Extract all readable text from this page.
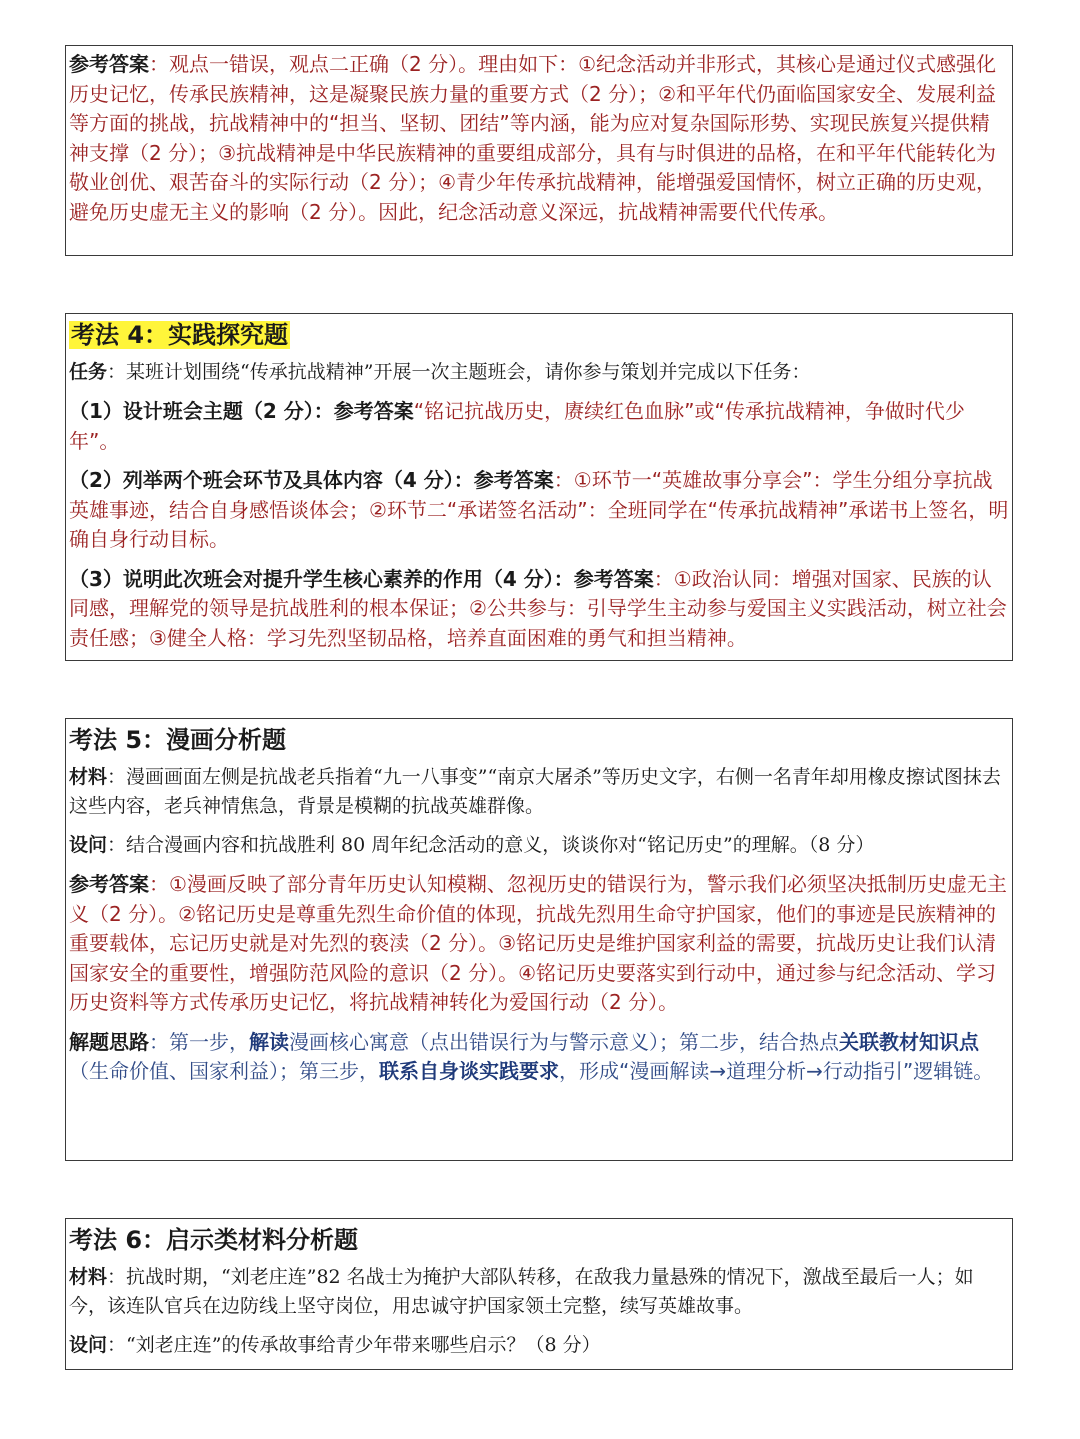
参考答案：观点一错误，观点二正确（2 分）。理由如下：①纪念活动并非形式，其核心是通过仪式感强化历史记忆，传承民族精神，这是凝聚民族力量的重要方式（2 分）；②和平年代仍面临国家安全、发展利益等方面的挑战，抗战精神中的“担当、坚韧、团结”等内涵，能为应对复杂国际形势、实现民族复兴提供精神支撑（2 分）；③抗战精神是中华民族精神的重要组成部分，具有与时俱进的品格，在和平年代能转化为敬业创优、艰苦奋斗的实际行动（2 分）；④青少年传承抗战精神，能增强爱国情怀，树立正确的历史观，避免历史虚无主义的影响（2 分）。因此，纪念活动意义深远，抗战精神需要代代传承。

考法 4：实践探究题

任务：某班计划围绕“传承抗战精神”开展一次主题班会，请你参与策划并完成以下任务：

（1）设计班会主题（2 分）：参考答案“铭记抗战历史，赓续红色血脉”或“传承抗战精神，争做时代少年”。

（2）列举两个班会环节及具体内容（4 分）：参考答案：①环节一“英雄故事分享会”：学生分组分享抗战英雄事迹，结合自身感悟谈体会；②环节二“承诺签名活动”：全班同学在“传承抗战精神”承诺书上签名，明确自身行动目标。

（3）说明此次班会对提升学生核心素养的作用（4 分）：参考答案：①政治认同：增强对国家、民族的认同感，理解党的领导是抗战胜利的根本保证；②公共参与：引导学生主动参与爱国主义实践活动，树立社会责任感；③健全人格：学习先烈坚韧品格，培养直面困难的勇气和担当精神。

考法 5：漫画分析题

材料：漫画画面左侧是抗战老兵指着“九一八事变”“南京大屠杀”等历史文字，右侧一名青年却用橡皮擦试图抹去这些内容，老兵神情焦急，背景是模糊的抗战英雄群像。

设问：结合漫画内容和抗战胜利 80 周年纪念活动的意义，谈谈你对“铭记历史”的理解。（8 分）

参考答案：①漫画反映了部分青年历史认知模糊、忽视历史的错误行为，警示我们必须坚决抵制历史虚无主义（2 分）。②铭记历史是尊重先烈生命价值的体现，抗战先烈用生命守护国家，他们的事迹是民族精神的重要载体，忘记历史就是对先烈的亵渎（2 分）。③铭记历史是维护国家利益的需要，抗战历史让我们认清国家安全的重要性，增强防范风险的意识（2 分）。④铭记历史要落实到行动中，通过参与纪念活动、学习历史资料等方式传承历史记忆，将抗战精神转化为爱国行动（2 分）。

解题思路：第一步，解读漫画核心寓意（点出错误行为与警示意义）；第二步，结合热点关联教材知识点（生命价值、国家利益）；第三步，联系自身谈实践要求，形成“漫画解读→道理分析→行动指引”逻辑链。

考法 6：启示类材料分析题

材料：抗战时期，“刘老庄连”82 名战士为掩护大部队转移，在敌我力量悬殊的情况下，激战至最后一人；如今，该连队官兵在边防线上坚守岗位，用忠诚守护国家领土完整，续写英雄故事。

设问：“刘老庄连”的传承故事给青少年带来哪些启示？（8 分）
